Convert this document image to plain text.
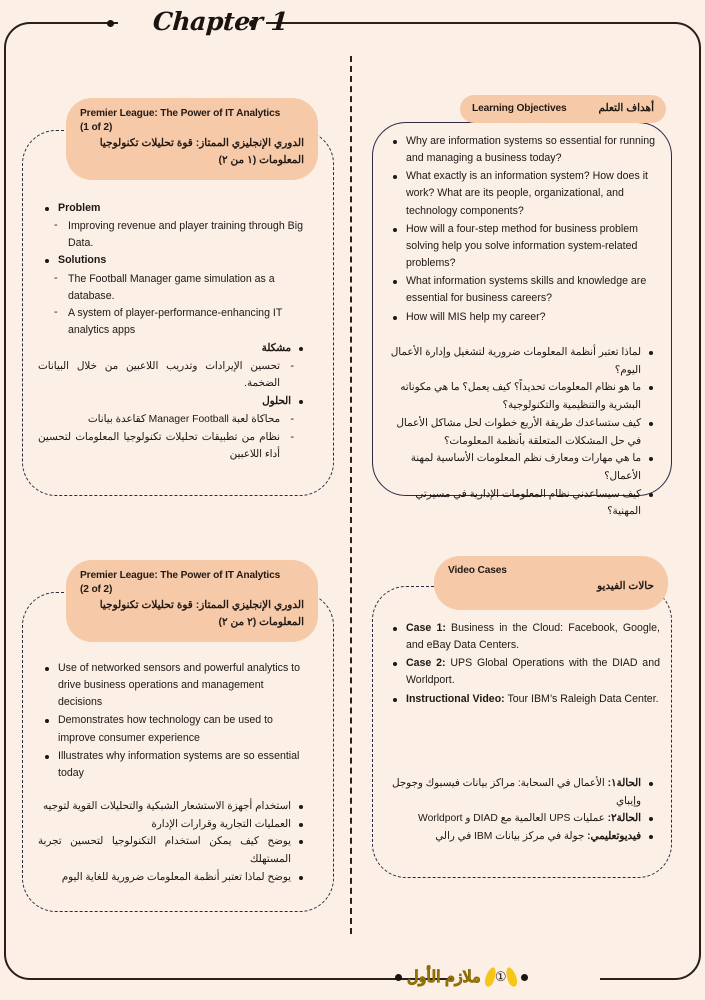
Chapter 1
Premier League: The Power of IT Analytics
(1 of 2)
الدوري الإنجليزي الممتاز: قوة تحليلات تكنولوجيا
المعلومات (١ من ٢)
Problem
- Improving revenue and player training through Big Data.
Solutions
- The Football Manager game simulation as a database.
- A system of player-performance-enhancing IT analytics apps
مشكلة
- تحسين الإيرادات وتدريب اللاعبين من خلال البيانات الضخمة.
الحلول
- محاكاة لعبة Manager Football كقاعدة بيانات
- نظام من تطبيقات تحليلات تكنولوجيا المعلومات لتحسين أداء اللاعبين
Learning Objectives	أهداف التعلم
Why are information systems so essential for running and managing a business today?
What exactly is an information system? How does it work? What are its people, organizational, and technology components?
How will a four-step method for business problem solving help you solve information system-related problems?
What information systems skills and knowledge are essential for business careers?
How will MIS help my career?
لماذا تعتبر أنظمة المعلومات ضرورية لتشغيل وإدارة الأعمال اليوم؟
ما هو نظام المعلومات تحديداً؟ كيف يعمل؟ ما هي مكوناته البشرية والتنظيمية والتكنولوجية؟
كيف ستساعدك طريقة الأربع خطوات لحل مشاكل الأعمال في حل المشكلات المتعلقة بأنظمة المعلومات؟
ما هي مهارات ومعارف نظم المعلومات الأساسية لمهنة الأعمال؟
كيف سيساعدني نظام المعلومات الإدارية في مسيرتي المهنية؟
Premier League: The Power of IT Analytics
(2 of 2)
الدوري الإنجليزي الممتاز: قوة تحليلات تكنولوجيا
المعلومات (٢ من ٢)
Use of networked sensors and powerful analytics to drive business operations and management decisions
Demonstrates how technology can be used to improve consumer experience
Illustrates why information systems are so essential today
استخدام أجهزة الاستشعار الشبكية والتحليلات القوية لتوجيه
العمليات التجارية وقرارات الإدارة
يوضح كيف يمكن استخدام التكنولوجيا لتحسين تجربة المستهلك
يوضح لماذا تعتبر أنظمة المعلومات ضرورية للغاية اليوم
Video Cases
حالات الفيديو
Case 1: Business in the Cloud: Facebook, Google, and eBay Data Centers.
Case 2: UPS Global Operations with the DIAD and Worldport.
Instructional Video: Tour IBM’s Raleigh Data Center.
الحالة١: الأعمال في السحابة: مراكز بيانات فيسبوك وجوجل وإيباي
الحالة٢: عمليات UPS العالمية مع DIAD و Worldport
فيديوتعليمي: جولة في مركز بيانات IBM في رالي
ملازم الأول	①
